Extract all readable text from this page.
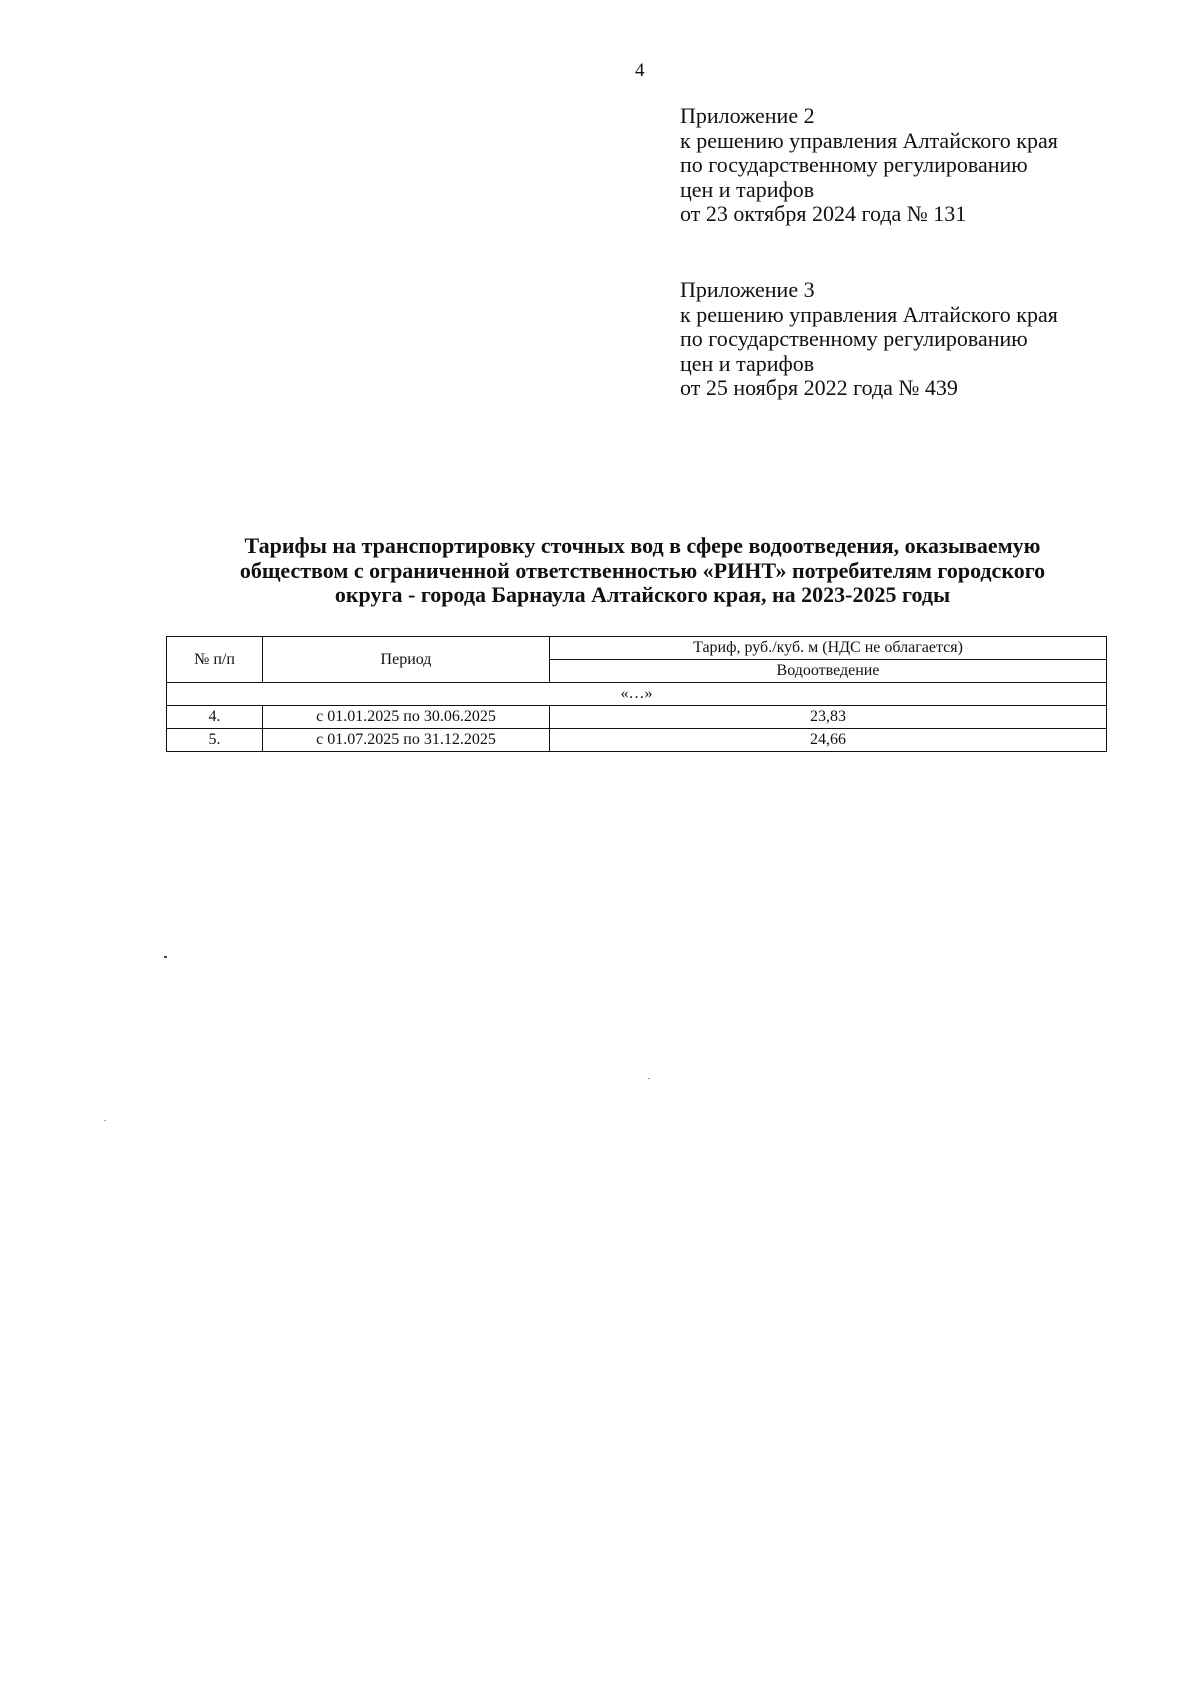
4
Приложение 2
к решению управления Алтайского края
по государственному регулированию
цен и тарифов
от 23 октября 2024 года № 131
Приложение 3
к решению управления Алтайского края
по государственному регулированию
цен и тарифов
от 25 ноября 2022 года № 439
Тарифы на транспортировку сточных вод в сфере водоотведения, оказываемую
обществом с ограниченной ответственностью «РИНТ» потребителям городского
округа - города Барнаула Алтайского края, на 2023-2025 годы
№ п/п	Период	Тариф, руб./куб. м (НДС не облагается)
		Водоотведение
«…»		
4.	с 01.01.2025 по 30.06.2025	23,83
5.	с 01.07.2025 по 31.12.2025	24,66
